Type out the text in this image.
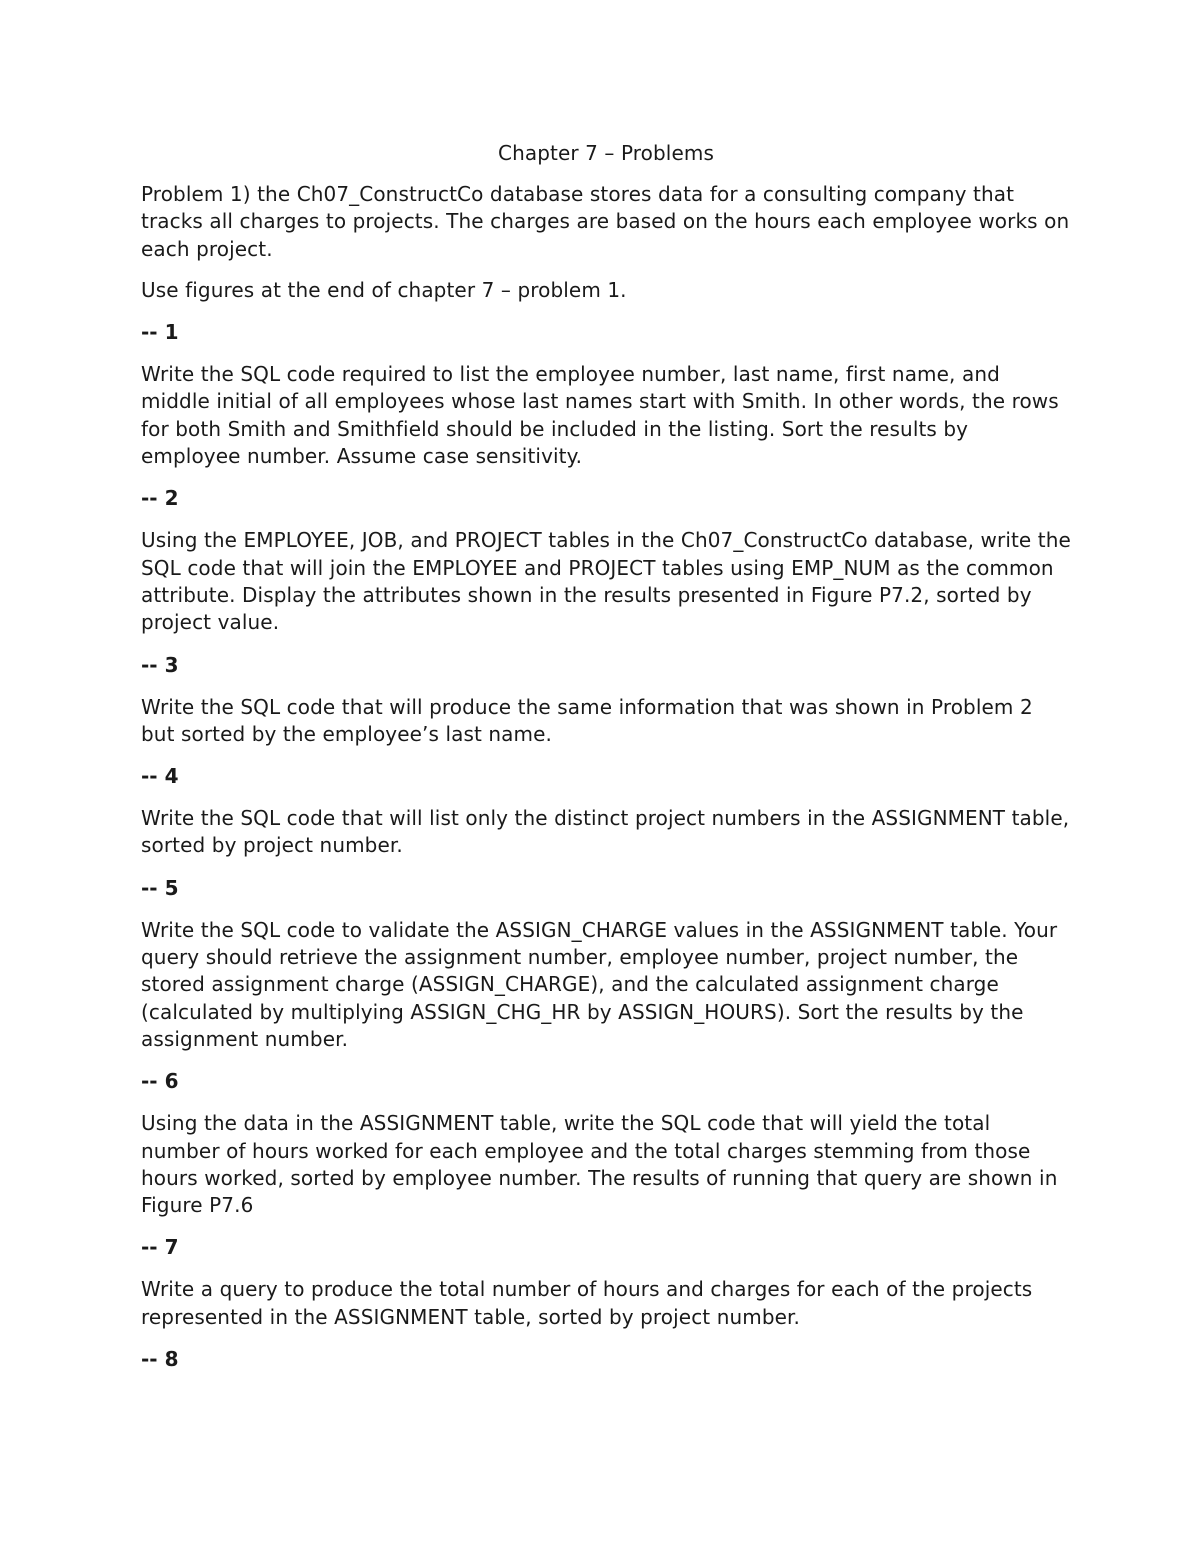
Chapter 7 – Problems
Problem 1) the Ch07_ConstructCo database stores data for a consulting company that tracks all charges to projects. The charges are based on the hours each employee works on each project.
Use figures at the end of chapter 7 – problem 1.
-- 1
Write the SQL code required to list the employee number, last name, first name, and middle initial of all employees whose last names start with Smith. In other words, the rows for both Smith and Smithfield should be included in the listing. Sort the results by employee number. Assume case sensitivity.
-- 2
Using the EMPLOYEE, JOB, and PROJECT tables in the Ch07_ConstructCo database, write the SQL code that will join the EMPLOYEE and PROJECT tables using EMP_NUM as the common attribute. Display the attributes shown in the results presented in Figure P7.2, sorted by project value.
-- 3
Write the SQL code that will produce the same information that was shown in Problem 2 but sorted by the employee’s last name.
-- 4
Write the SQL code that will list only the distinct project numbers in the ASSIGNMENT table, sorted by project number.
-- 5
Write the SQL code to validate the ASSIGN_CHARGE values in the ASSIGNMENT table. Your query should retrieve the assignment number, employee number, project number, the stored assignment charge (ASSIGN_CHARGE), and the calculated assignment charge (calculated by multiplying ASSIGN_CHG_HR by ASSIGN_HOURS). Sort the results by the assignment number.
-- 6
Using the data in the ASSIGNMENT table, write the SQL code that will yield the total number of hours worked for each employee and the total charges stemming from those hours worked, sorted by employee number. The results of running that query are shown in Figure P7.6
-- 7
Write a query to produce the total number of hours and charges for each of the projects represented in the ASSIGNMENT table, sorted by project number.
-- 8
